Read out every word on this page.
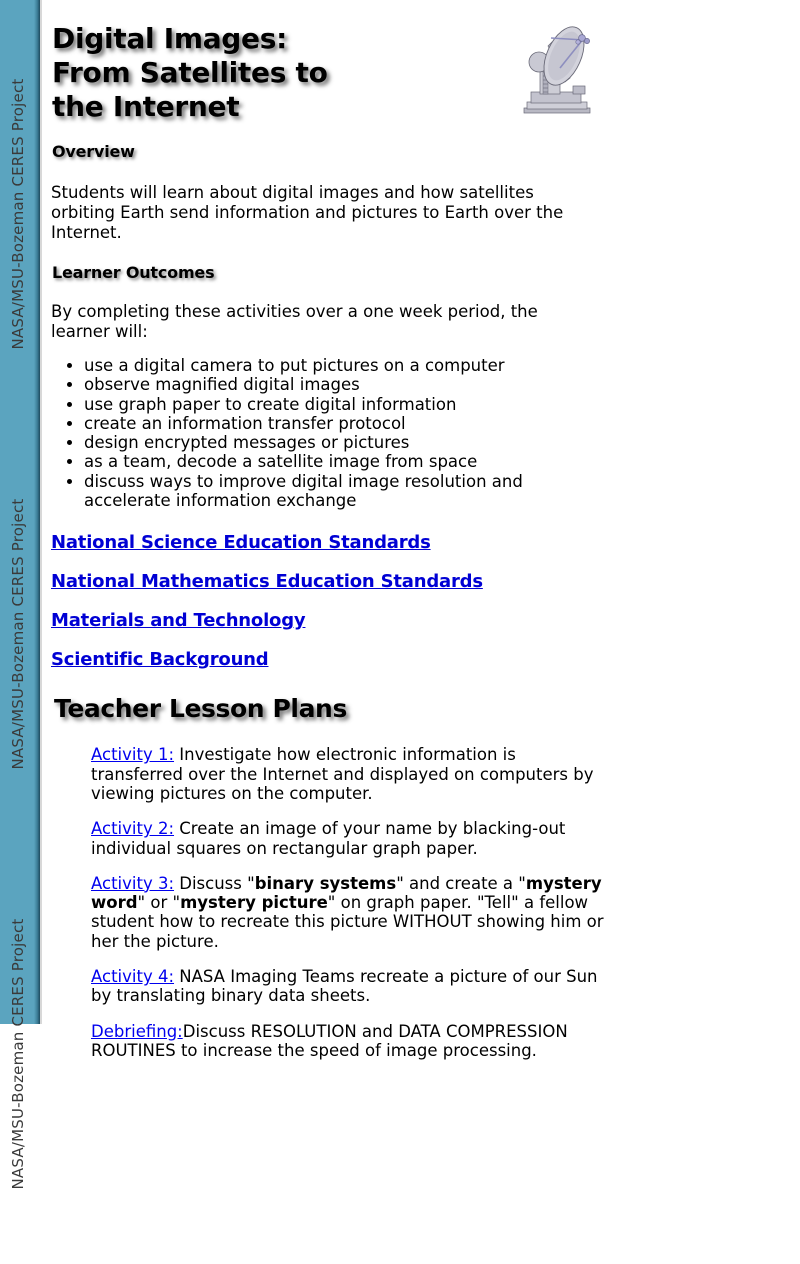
NASA/MSU-Bozeman CERES Project
NASA/MSU-Bozeman CERES Project
NASA/MSU-Bozeman CERES Project
Digital Images:
From Satellites to
the Internet
Overview

Students will learn about digital images and how satellites orbiting Earth send information and pictures to Earth over the Internet.

Learner Outcomes

By completing these activities over a one week period, the learner will:

• use a digital camera to put pictures on a computer
• observe magnified digital images
• use graph paper to create digital information
• create an information transfer protocol
• design encrypted messages or pictures
• as a team, decode a satellite image from space
• discuss ways to improve digital image resolution and accelerate information exchange
National Science Education Standards
National Mathematics Education Standards
Materials and Technology
Scientific Background
Teacher Lesson Plans
Activity 1: Investigate how electronic information is transferred over the Internet and displayed on computers by viewing pictures on the computer.
Activity 2: Create an image of your name by blacking-out individual squares on rectangular graph paper.
Activity 3: Discuss "binary systems" and create a "mystery word" or "mystery picture" on graph paper. "Tell" a fellow student how to recreate this picture WITHOUT showing him or her the picture.
Activity 4: NASA Imaging Teams recreate a picture of our Sun by translating binary data sheets.
Debriefing:Discuss RESOLUTION and DATA COMPRESSION ROUTINES to increase the speed of image processing.
